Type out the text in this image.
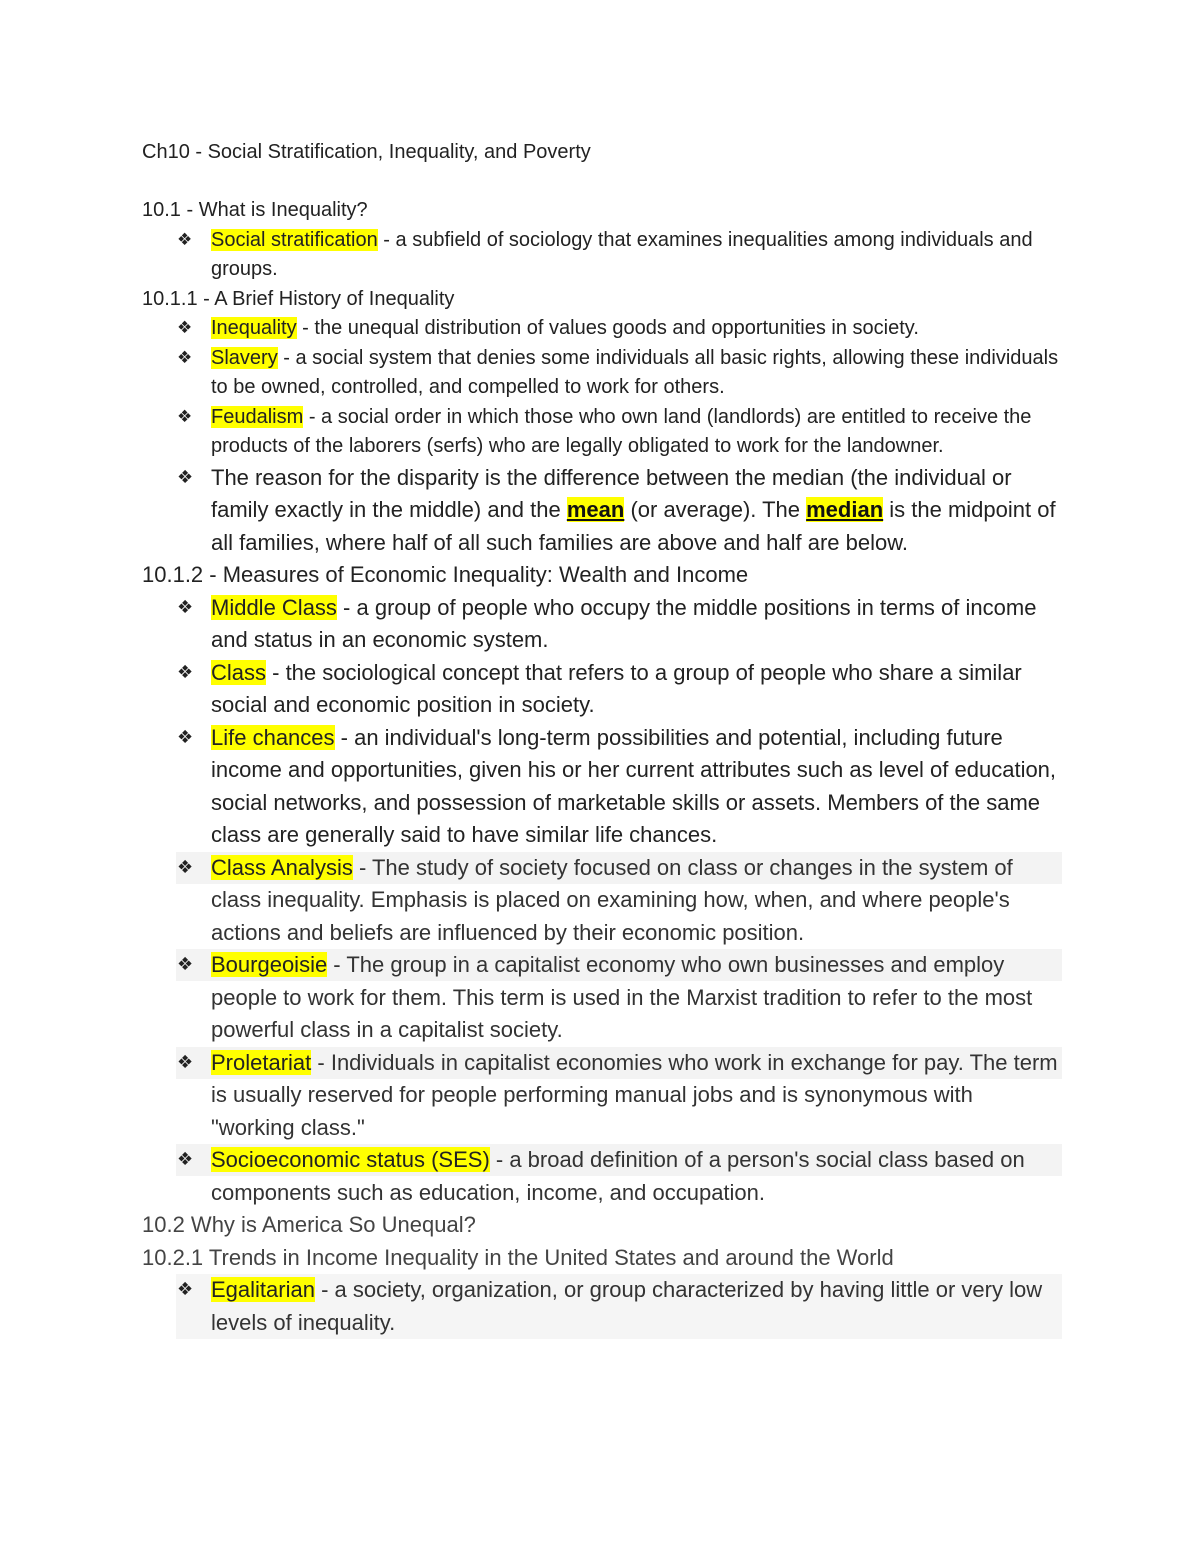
Ch10 - Social Stratification, Inequality, and Poverty
10.1 - What is Inequality?
❖ Social stratification - a subfield of sociology that examines inequalities among individuals and groups.
10.1.1 - A Brief History of Inequality
❖ Inequality - the unequal distribution of values goods and opportunities in society.
❖ Slavery - a social system that denies some individuals all basic rights, allowing these individuals to be owned, controlled, and compelled to work for others.
❖ Feudalism - a social order in which those who own land (landlords) are entitled to receive the products of the laborers (serfs) who are legally obligated to work for the landowner.
❖ The reason for the disparity is the difference between the median (the individual or family exactly in the middle) and the mean (or average). The median is the midpoint of all families, where half of all such families are above and half are below.
10.1.2 - Measures of Economic Inequality: Wealth and Income
❖ Middle Class - a group of people who occupy the middle positions in terms of income and status in an economic system.
❖ Class - the sociological concept that refers to a group of people who share a similar social and economic position in society.
❖ Life chances - an individual's long-term possibilities and potential, including future income and opportunities, given his or her current attributes such as level of education, social networks, and possession of marketable skills or assets. Members of the same class are generally said to have similar life chances.
❖ Class Analysis - The study of society focused on class or changes in the system of class inequality. Emphasis is placed on examining how, when, and where people's actions and beliefs are influenced by their economic position.
❖ Bourgeoisie - The group in a capitalist economy who own businesses and employ people to work for them. This term is used in the Marxist tradition to refer to the most powerful class in a capitalist society.
❖ Proletariat - Individuals in capitalist economies who work in exchange for pay. The term is usually reserved for people performing manual jobs and is synonymous with "working class."
❖ Socioeconomic status (SES) - a broad definition of a person's social class based on components such as education, income, and occupation.
10.2 Why is America So Unequal?
10.2.1 Trends in Income Inequality in the United States and around the World
❖ Egalitarian - a society, organization, or group characterized by having little or very low levels of inequality.
